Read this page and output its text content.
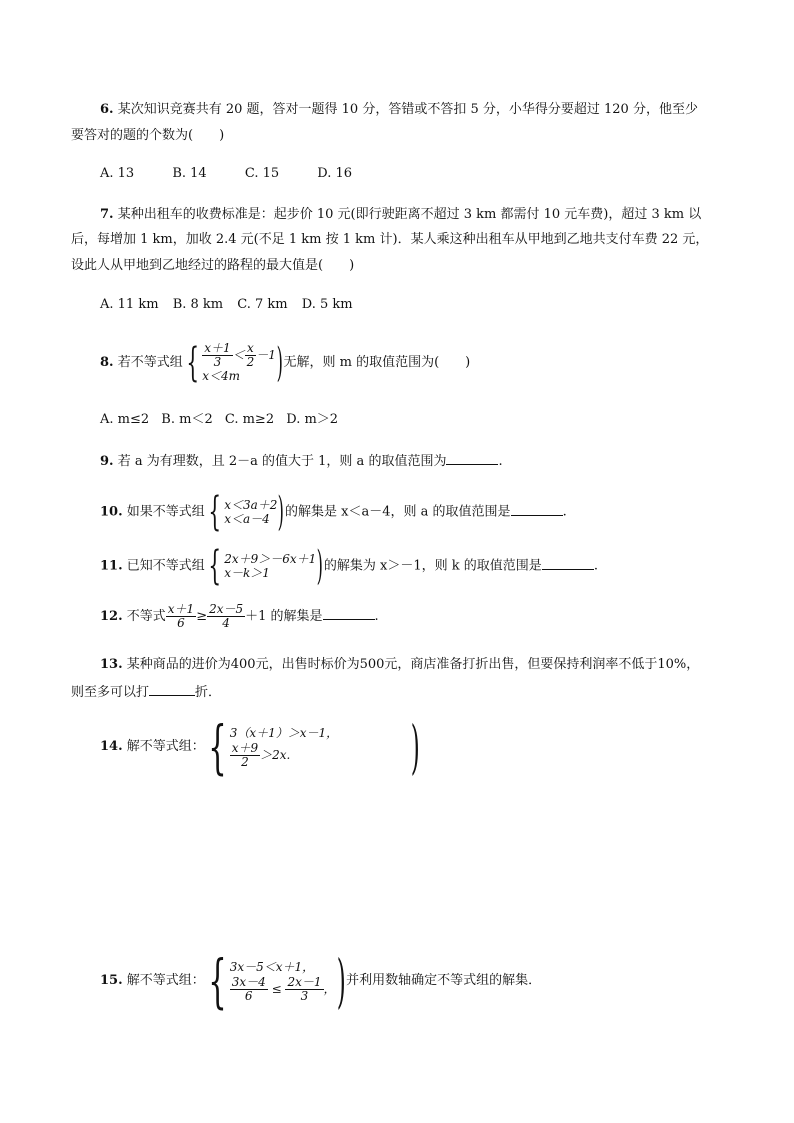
6. 某次知识竞赛共有 20 题，答对一题得 10 分，答错或不答扣 5 分，小华得分要超过 120 分，他至少
要答对的题的个数为(　　)
A. 13	B. 14	C. 15	D. 16
7. 某种出租车的收费标准是：起步价 10 元(即行驶距离不超过 3 km 都需付 10 元车费)，超过 3 km 以
后，每增加 1 km，加收 2.4 元(不足 1 km 按 1 km 计)．某人乘这种出租车从甲地到乙地共支付车费 22 元，
设此人从甲地到乙地经过的路程的最大值是(　　)
A. 11 km B. 8 km C. 7 km D. 5 km
8. 若不等式组 { $\frac{x+1}{3} < \frac{x}{2} -1$
x＜4m ) 无解，则 m 的取值范围为(　　)
A. m≤2 B. m＜2 C. m≥2 D. m＞2
9. 若 a 为有理数，且 2－a 的值大于 1，则 a 的取值范围为	.
10. 如果不等式组 { x＜3a＋2
x＜a－4 ) 的解集是 x＜a－4，则 a 的取值范围是	.
11. 已知不等式组 { 2x＋9＞－6x＋1
x－k＞1	) 的解集为 x＞－1，则 k 的取值范围是	.
12. 不等式 $\frac{x+1}{6} \ge \frac{2x-5}{4} +1$ 的解集是	.
13. 某种商品的进价为400元，出售时标价为500元，商店准备打折出售，但要保持利润率不低于10%，
则至多可以打	折．
14. 解不等式组： { 3（x＋1）＞x－1，
$\frac{x+9}{2} >2x$.	)
15. 解不等式组： { 3x－5＜x＋1，
$\frac{3x-4}{6} \le \frac{2x-1}{3}$ ， ) 并利用数轴确定不等式组的解集．
